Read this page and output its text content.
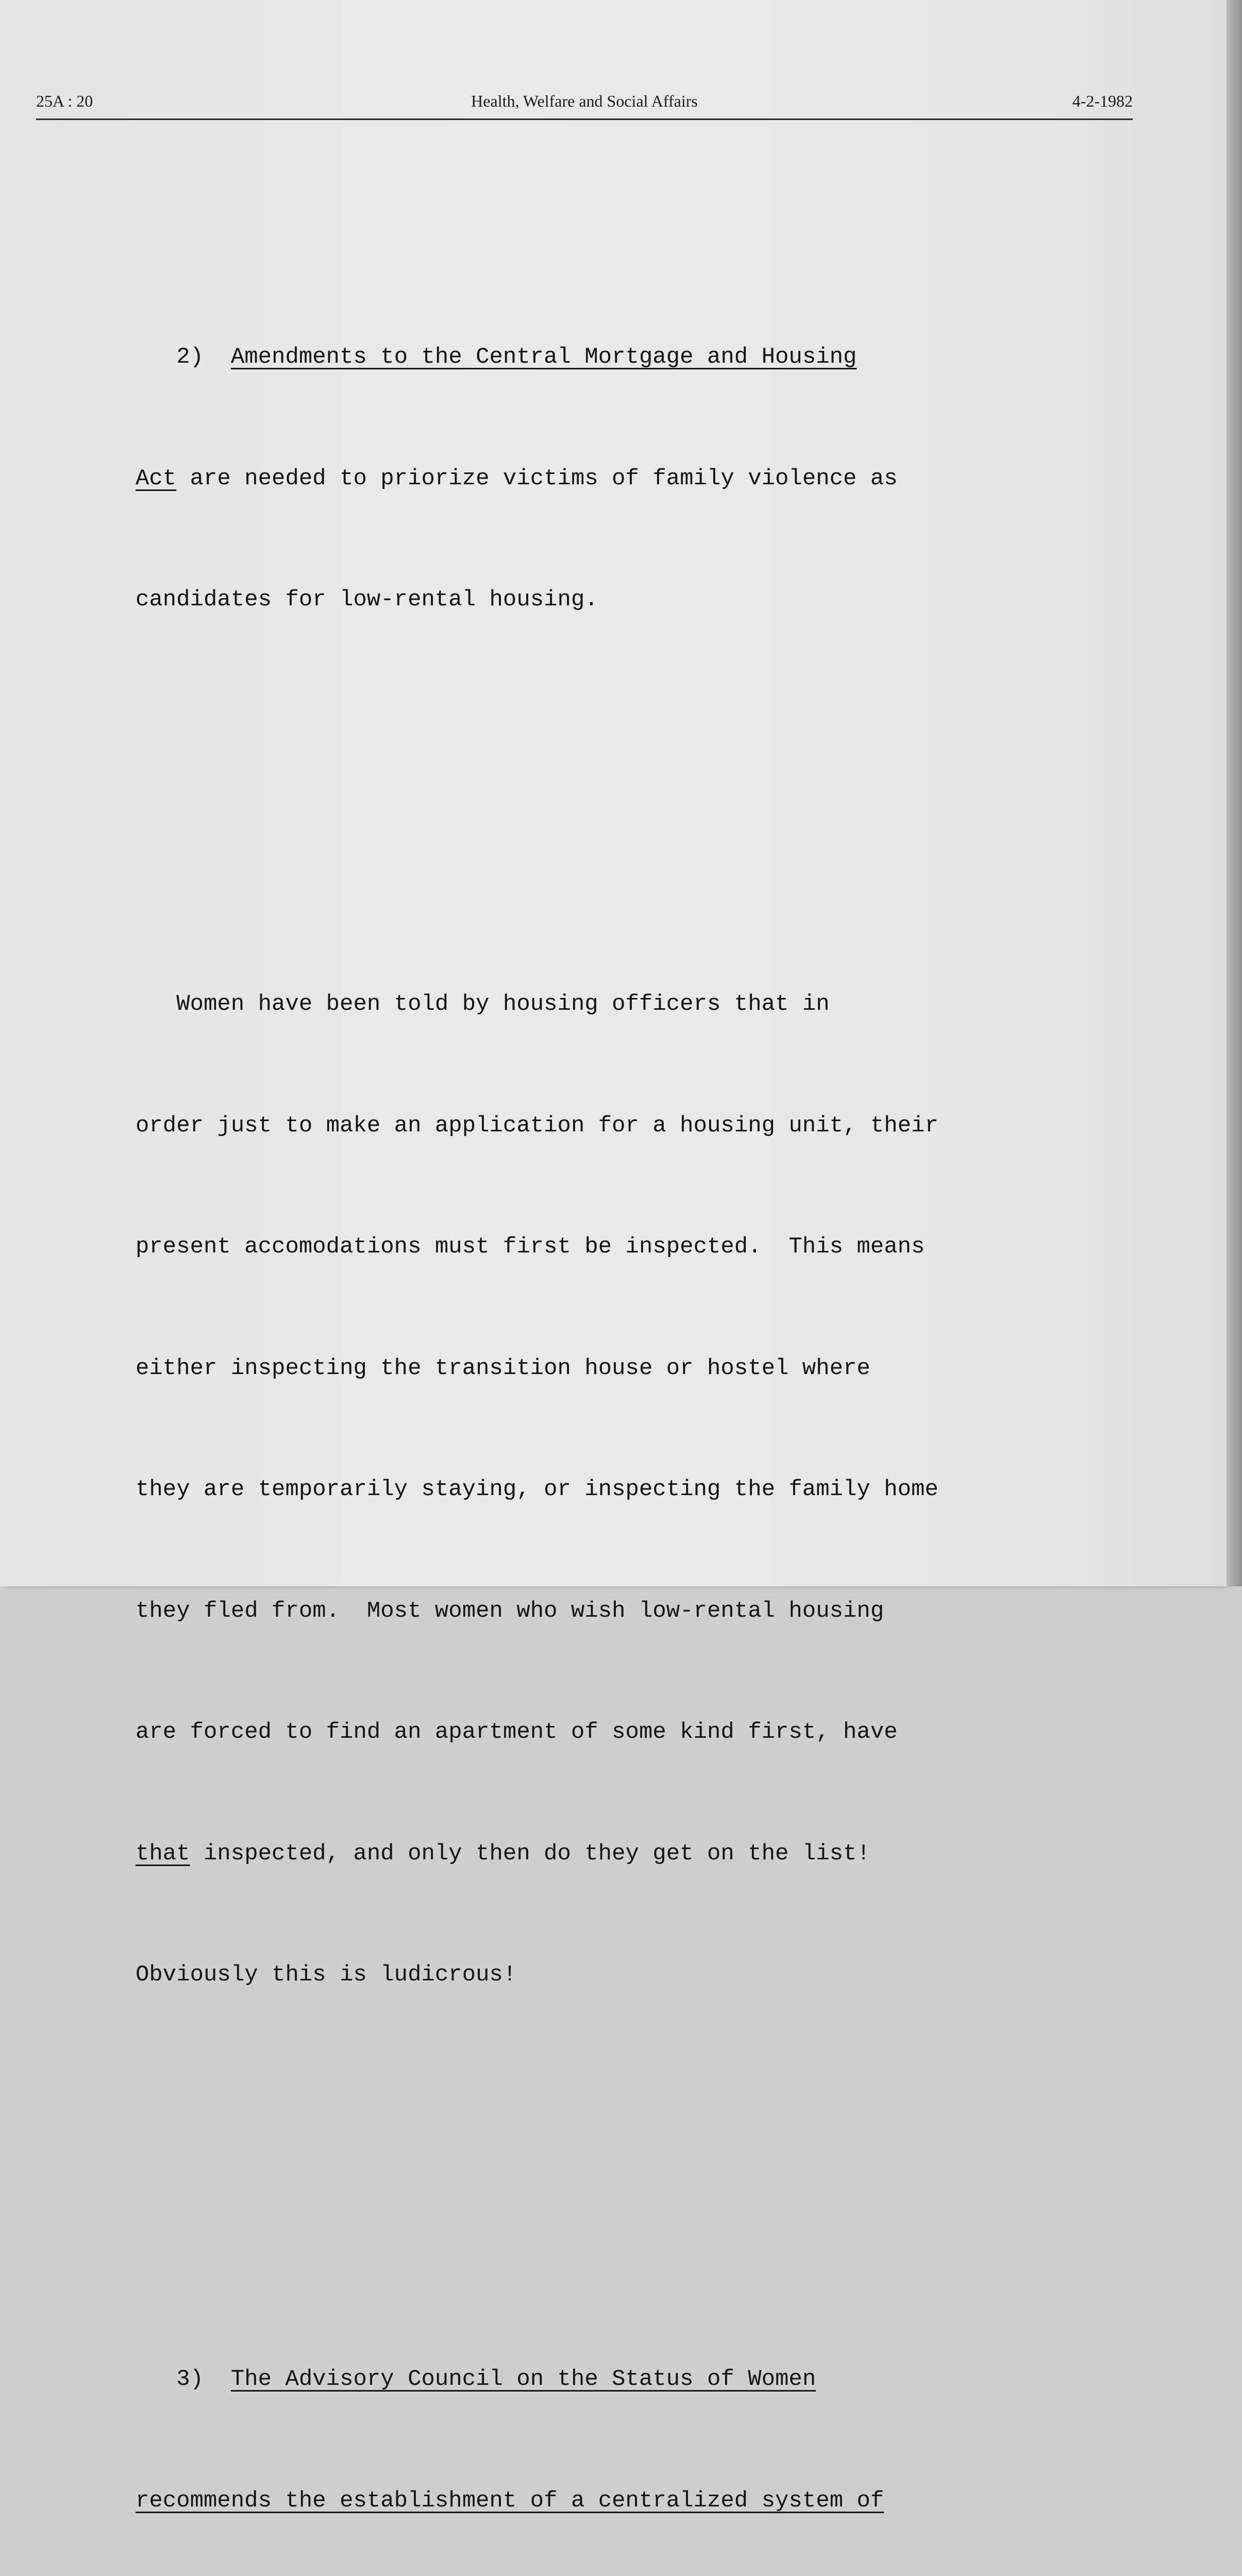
25A : 20	Health, Welfare and Social Affairs	4-2-1982

2) Amendments to the Central Mortgage and Housing

Act are needed to priorize victims of family violence as

candidates for low-rental housing.

Women have been told by housing officers that in

order just to make an application for a housing unit, their

present accomodations must first be inspected.  This means

either inspecting the transition house or hostel where

they are temporarily staying, or inspecting the family home

they fled from.  Most women who wish low-rental housing

are forced to find an apartment of some kind first, have

that inspected, and only then do they get on the list!

Obviously this is ludicrous!

3) The Advisory Council on the Status of Women

recommends the establishment of a centralized system of
